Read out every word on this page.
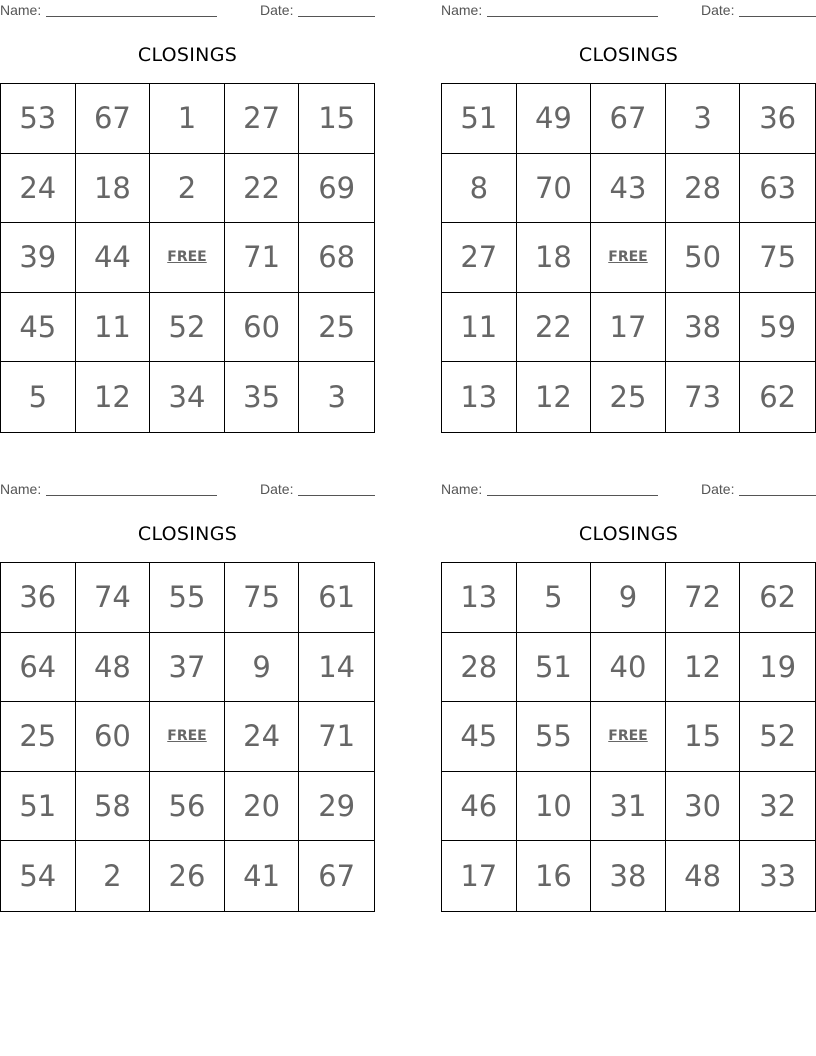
Name:	Date:
CLOSINGS
53	67	1	27	15
24	18	2	22	69
39	44	FREE	71	68
45	11	52	60	25
5	12	34	35	3
Name:	Date:
CLOSINGS
51	49	67	3	36
8	70	43	28	63
27	18	FREE	50	75
11	22	17	38	59
13	12	25	73	62
Name:	Date:
CLOSINGS
36	74	55	75	61
64	48	37	9	14
25	60	FREE	24	71
51	58	56	20	29
54	2	26	41	67
Name:	Date:
CLOSINGS
13	5	9	72	62
28	51	40	12	19
45	55	FREE	15	52
46	10	31	30	32
17	16	38	48	33
